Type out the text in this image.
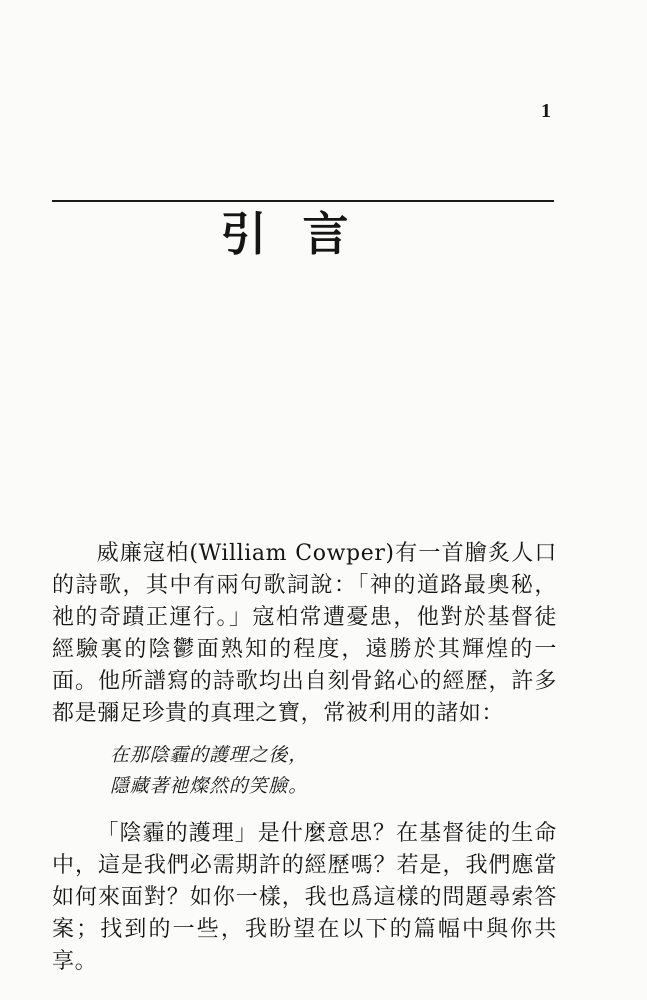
1
引言

威廉寇柏(William Cowper)有一首膾炙人口的詩歌，其中有兩句歌詞說：「神的道路最奧秘，祂的奇蹟正運行。」寇柏常遭憂患，他對於基督徒經驗裏的陰鬱面熟知的程度，遠勝於其輝煌的一面。他所譜寫的詩歌均出自刻骨銘心的經歷，許多都是彌足珍貴的真理之寶，常被利用的諸如：

在那陰霾的護理之後，
隱藏著祂燦然的笑臉。

「陰霾的護理」是什麼意思？在基督徒的生命中，這是我們必需期許的經歷嗎？若是，我們應當如何來面對？如你一樣，我也爲這樣的問題尋索答案；找到的一些，我盼望在以下的篇幅中與你共享。
